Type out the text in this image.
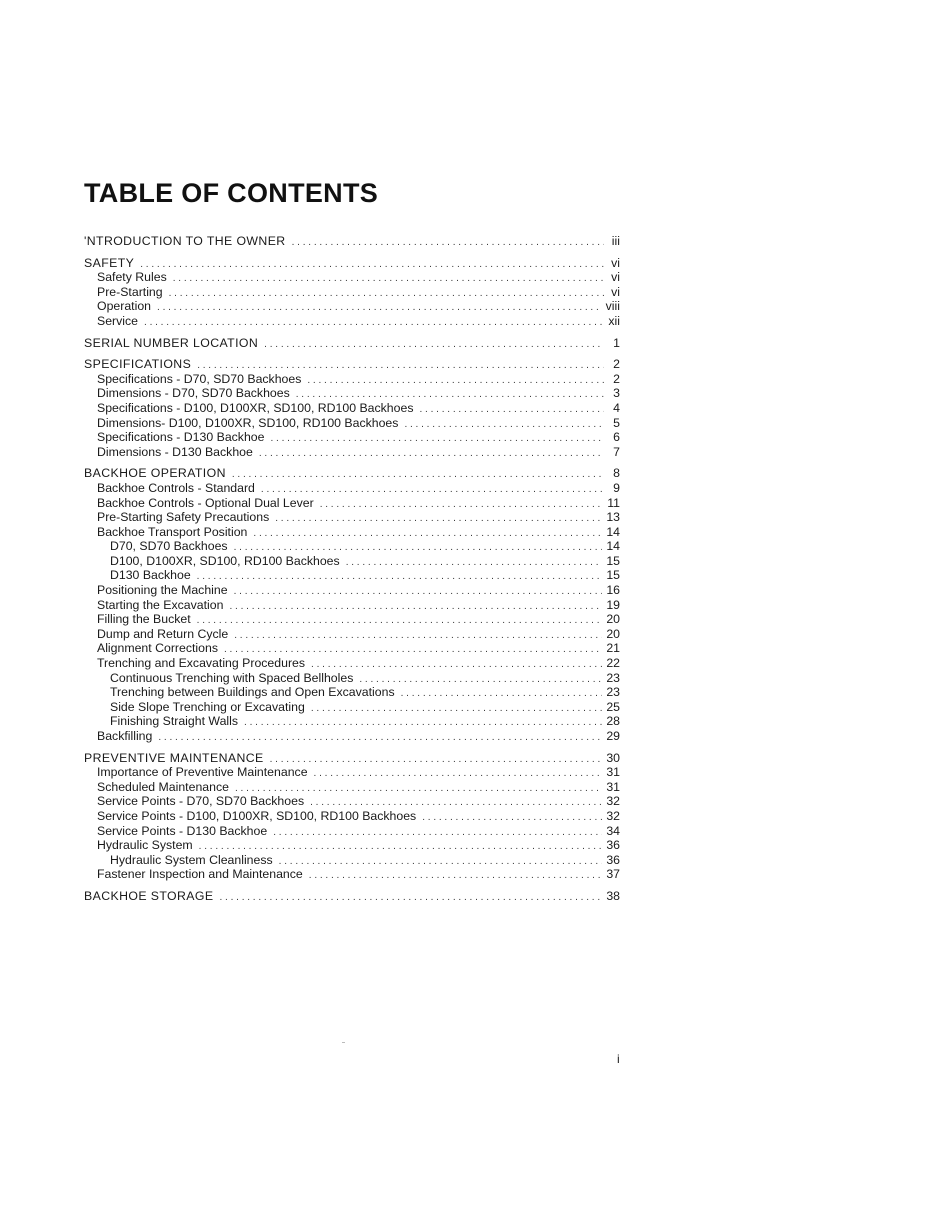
TABLE OF CONTENTS
'NTRODUCTION TO THE OWNER . . .	iii
SAFETY . . .	vi
Safety Rules . . .	vi
Pre-Starting . . .	vi
Operation . . .	viii
Service . . .	xii
SERIAL NUMBER LOCATION . . .	1
SPECIFICATIONS . . .	2
Specifications - D70, SD70 Backhoes . . .	2
Dimensions - D70, SD70 Backhoes . . .	3
Specifications - D100, D100XR, SD100, RD100 Backhoes . . .	4
Dimensions- D100, D100XR, SD100, RD100 Backhoes . . .	5
Specifications - D130 Backhoe . . .	6
Dimensions - D130 Backhoe . . .	7
BACKHOE OPERATION . . .	8
Backhoe Controls - Standard . . .	9
Backhoe Controls - Optional Dual Lever . . .	11
Pre-Starting Safety Precautions . . .	13
Backhoe Transport Position . . .	14
D70, SD70 Backhoes . . .	14
D100, D100XR, SD100, RD100 Backhoes . . .	15
D130 Backhoe . . .	15
Positioning the Machine . . .	16
Starting the Excavation . . .	19
Filling the Bucket . . .	20
Dump and Return Cycle . . .	20
Alignment Corrections . . .	21
Trenching and Excavating Procedures . . .	22
Continuous Trenching with Spaced Bellholes . . .	23
Trenching between Buildings and Open Excavations . . .	23
Side Slope Trenching or Excavating . . .	25
Finishing Straight Walls . . .	28
Backfilling . . .	29
PREVENTIVE MAINTENANCE . . .	30
Importance of Preventive Maintenance . . .	31
Scheduled Maintenance . . .	31
Service Points - D70, SD70 Backhoes . . .	32
Service Points - D100, D100XR, SD100, RD100 Backhoes . . .	32
Service Points - D130 Backhoe . . .	34
Hydraulic System . . .	36
Hydraulic System Cleanliness . . .	36
Fastener Inspection and Maintenance . . .	37
BACKHOE STORAGE . . .	38
i
